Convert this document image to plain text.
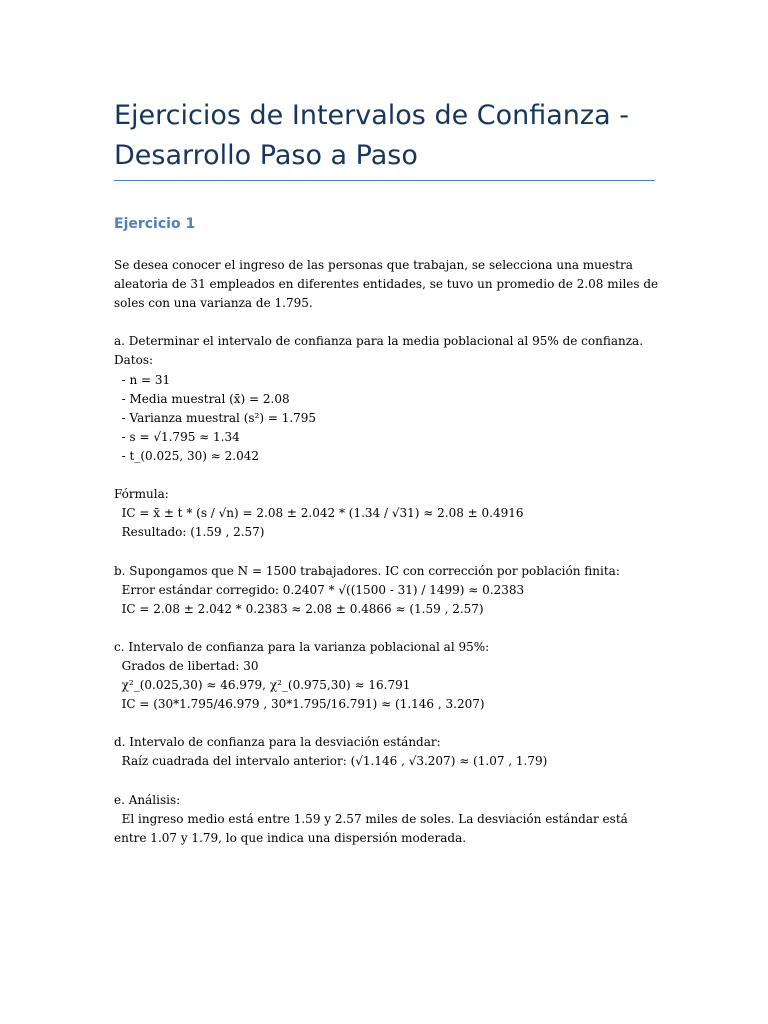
Ejercicios de Intervalos de Confianza - Desarrollo Paso a Paso
Ejercicio 1
Se desea conocer el ingreso de las personas que trabajan, se selecciona una muestra aleatoria de 31 empleados en diferentes entidades, se tuvo un promedio de 2.08 miles de soles con una varianza de 1.795.
a. Determinar el intervalo de confianza para la media poblacional al 95% de confianza.
Datos:
- n = 31
- Media muestral (x̄) = 2.08
- Varianza muestral (s²) = 1.795
- s = √1.795 ≈ 1.34
- t_(0.025, 30) ≈ 2.042
Fórmula:
IC = x̄ ± t * (s / √n) = 2.08 ± 2.042 * (1.34 / √31) ≈ 2.08 ± 0.4916
Resultado: (1.59 , 2.57)
b. Supongamos que N = 1500 trabajadores. IC con corrección por población finita:
Error estándar corregido: 0.2407 * √((1500 - 31) / 1499) ≈ 0.2383
IC = 2.08 ± 2.042 * 0.2383 ≈ 2.08 ± 0.4866 ≈ (1.59 , 2.57)
c. Intervalo de confianza para la varianza poblacional al 95%:
Grados de libertad: 30
χ²_(0.025,30) ≈ 46.979, χ²_(0.975,30) ≈ 16.791
IC = (30*1.795/46.979 , 30*1.795/16.791) ≈ (1.146 , 3.207)
d. Intervalo de confianza para la desviación estándar:
Raíz cuadrada del intervalo anterior: (√1.146 , √3.207) ≈ (1.07 , 1.79)
e. Análisis:
El ingreso medio está entre 1.59 y 2.57 miles de soles. La desviación estándar está entre 1.07 y 1.79, lo que indica una dispersión moderada.
